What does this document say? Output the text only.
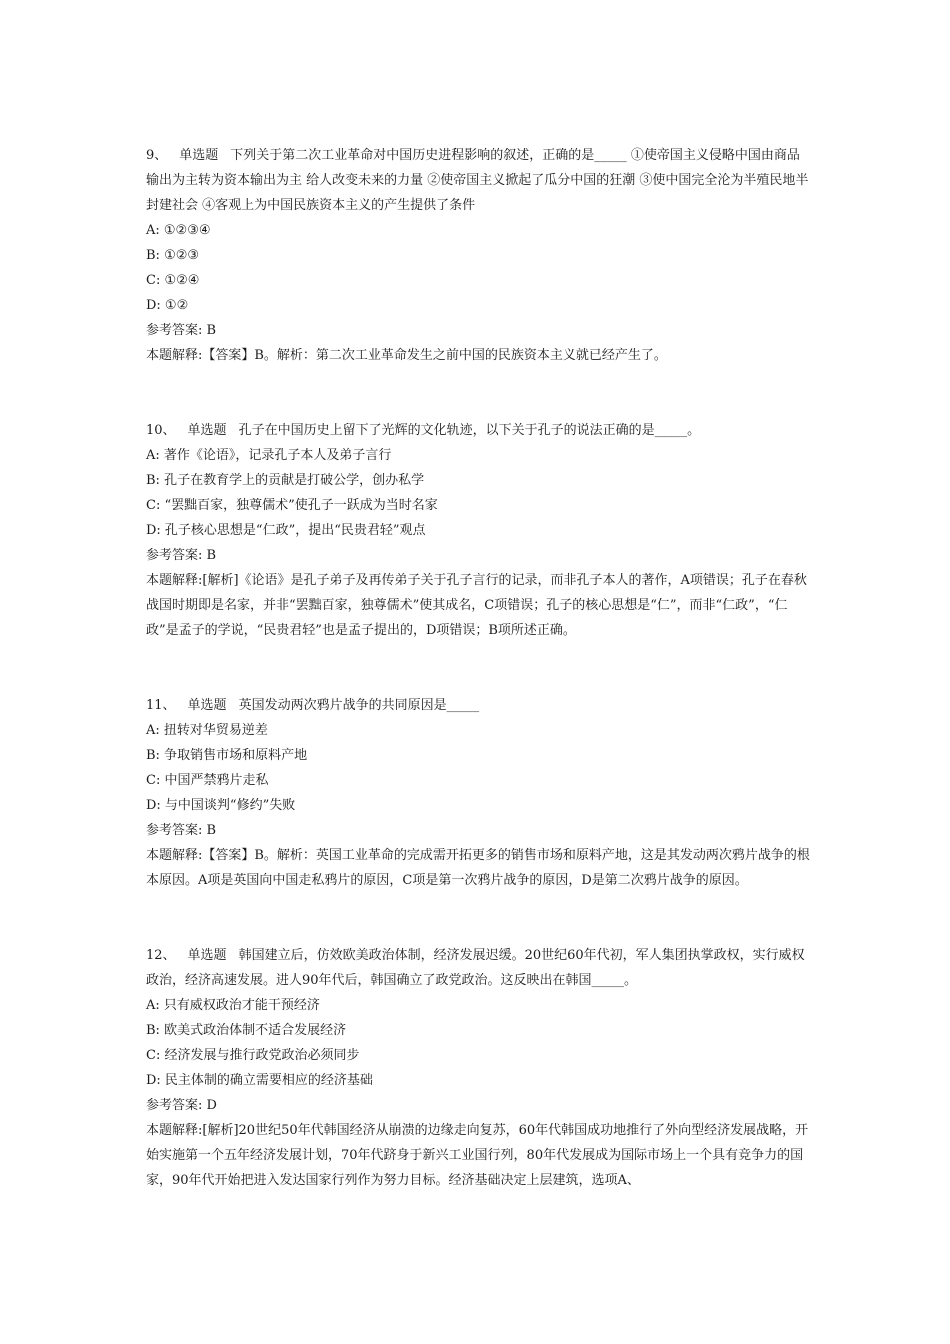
9、 单选题 下列关于第二次工业革命对中国历史进程影响的叙述，正确的是_____ ①使帝国主义侵略中国由商品输出为主转为资本输出为主 给人改变未来的力量 ②使帝国主义掀起了瓜分中国的狂潮 ③使中国完全沦为半殖民地半封建社会 ④客观上为中国民族资本主义的产生提供了条件

A: ①②③④

B: ①②③

C: ①②④

D: ①②

参考答案: B

本题解释:【答案】B。解析：第二次工业革命发生之前中国的民族资本主义就已经产生了。

10、 单选题 孔子在中国历史上留下了光辉的文化轨迹，以下关于孔子的说法正确的是_____。

A: 著作《论语》，记录孔子本人及弟子言行

B: 孔子在教育学上的贡献是打破公学，创办私学

C: “罢黜百家，独尊儒术”使孔子一跃成为当时名家

D: 孔子核心思想是“仁政”，提出“民贵君轻”观点

参考答案: B

本题解释:[解析]《论语》是孔子弟子及再传弟子关于孔子言行的记录，而非孔子本人的著作，A项错误；孔子在春秋战国时期即是名家，并非“罢黜百家，独尊儒术”使其成名，C项错误；孔子的核心思想是“仁”，而非“仁政”，“仁政”是孟子的学说，“民贵君轻”也是孟子提出的，D项错误；B项所述正确。

11、 单选题 英国发动两次鸦片战争的共同原因是_____

A: 扭转对华贸易逆差

B: 争取销售市场和原料产地

C: 中国严禁鸦片走私

D: 与中国谈判“修约”失败

参考答案: B

本题解释:【答案】B。解析：英国工业革命的完成需开拓更多的销售市场和原料产地，这是其发动两次鸦片战争的根本原因。A项是英国向中国走私鸦片的原因，C项是第一次鸦片战争的原因，D是第二次鸦片战争的原因。

12、 单选题 韩国建立后，仿效欧美政治体制，经济发展迟缓。20世纪60年代初，军人集团执掌政权，实行威权政治，经济高速发展。进人90年代后，韩国确立了政党政治。这反映出在韩国_____。

A: 只有威权政治才能干预经济

B: 欧美式政治体制不适合发展经济

C: 经济发展与推行政党政治必须同步

D: 民主体制的确立需要相应的经济基础

参考答案: D

本题解释:[解析]20世纪50年代韩国经济从崩溃的边缘走向复苏，60年代韩国成功地推行了外向型经济发展战略，开始实施第一个五年经济发展计划，70年代跻身于新兴工业国行列，80年代发展成为国际市场上一个具有竞争力的国家，90年代开始把进入发达国家行列作为努力目标。经济基础决定上层建筑，选项A、
